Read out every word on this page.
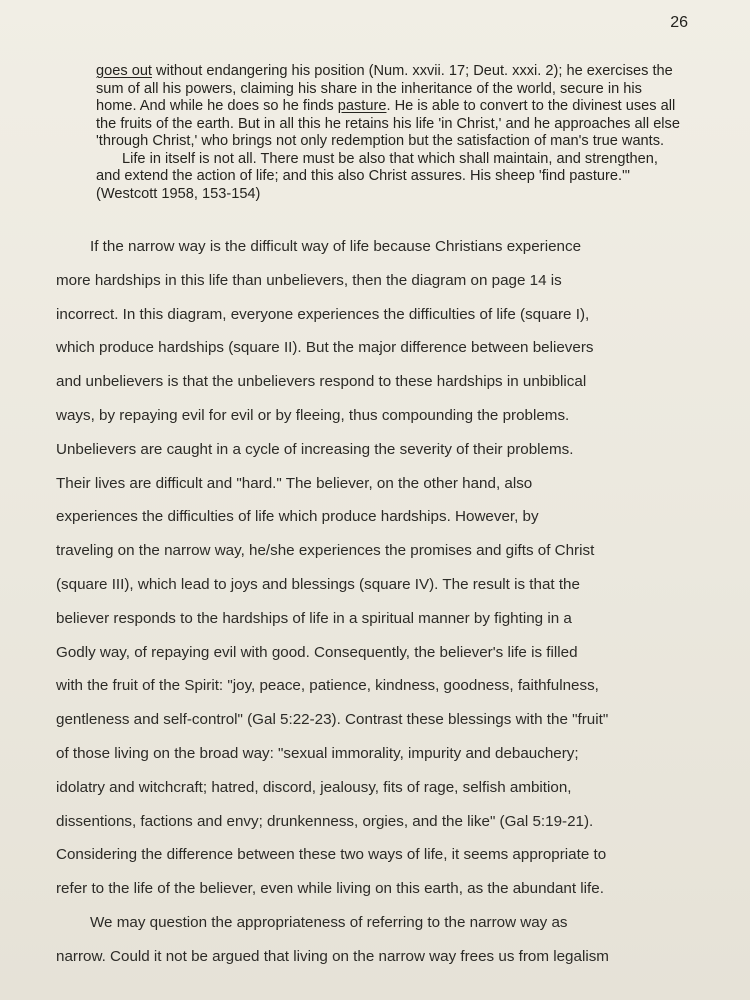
26

goes out without endangering his position (Num. xxvii. 17; Deut. xxxi. 2); he exercises the sum of all his powers, claiming his share in the inheritance of the world, secure in his home. And while he does so he finds pasture. He is able to convert to the divinest uses all the fruits of the earth. But in all this he retains his life 'in Christ,' and he approaches all else 'through Christ,' who brings not only redemption but the satisfaction of man's true wants.

Life in itself is not all. There must be also that which shall maintain, and strengthen, and extend the action of life; and this also Christ assures. His sheep 'find pasture.'" (Westcott 1958, 153-154)

If the narrow way is the difficult way of life because Christians experience
more hardships in this life than unbelievers, then the diagram on page 14 is
incorrect. In this diagram, everyone experiences the difficulties of life (square I),
which produce hardships (square II). But the major difference between believers
and unbelievers is that the unbelievers respond to these hardships in unbiblical
ways, by repaying evil for evil or by fleeing, thus compounding the problems.
Unbelievers are caught in a cycle of increasing the severity of their problems.
Their lives are difficult and "hard." The believer, on the other hand, also
experiences the difficulties of life which produce hardships. However, by
traveling on the narrow way, he/she experiences the promises and gifts of Christ
(square III), which lead to joys and blessings (square IV). The result is that the
believer responds to the hardships of life in a spiritual manner by fighting in a
Godly way, of repaying evil with good. Consequently, the believer's life is filled
with the fruit of the Spirit: "joy, peace, patience, kindness, goodness, faithfulness,
gentleness and self-control" (Gal 5:22-23). Contrast these blessings with the "fruit"
of those living on the broad way: "sexual immorality, impurity and debauchery;
idolatry and witchcraft; hatred, discord, jealousy, fits of rage, selfish ambition,
dissentions, factions and envy; drunkenness, orgies, and the like" (Gal 5:19-21).
Considering the difference between these two ways of life, it seems appropriate to
refer to the life of the believer, even while living on this earth, as the abundant life.
We may question the appropriateness of referring to the narrow way as
narrow. Could it not be argued that living on the narrow way frees us from legalism
